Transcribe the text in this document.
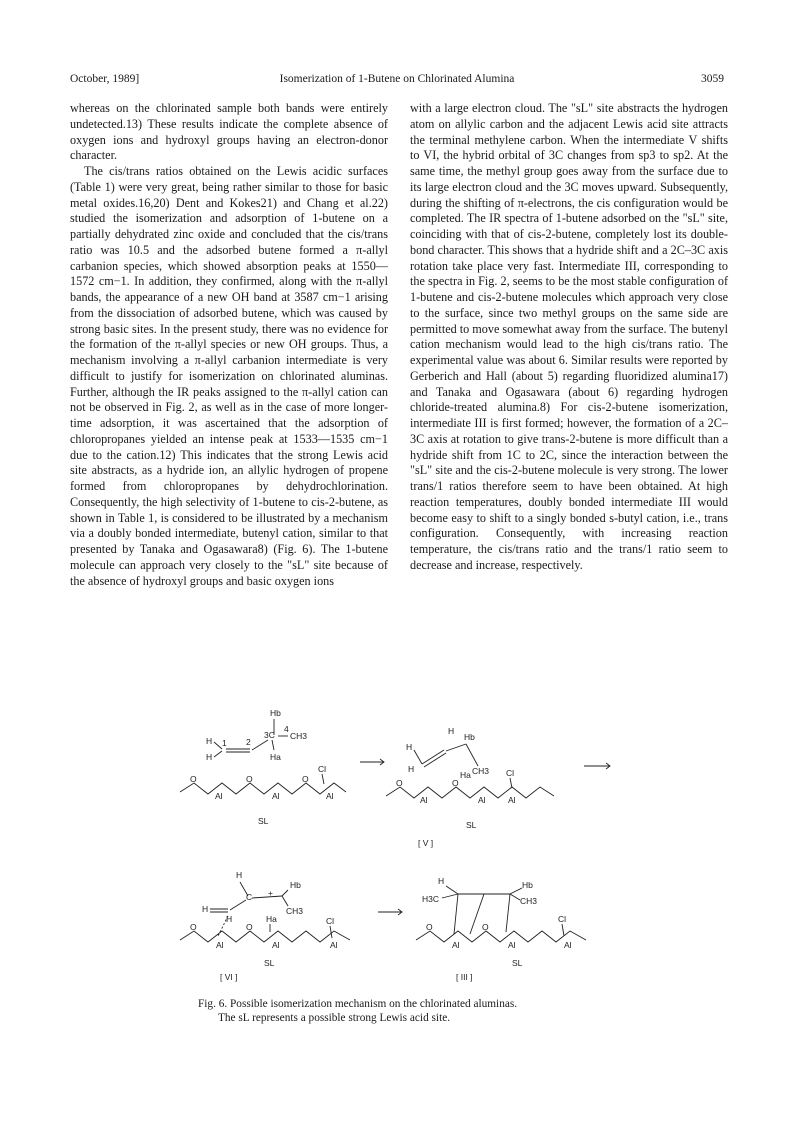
October, 1989]	Isomerization of 1-Butene on Chlorinated Alumina	3059

whereas on the chlorinated sample both bands were entirely undetected.13) These results indicate the complete absence of oxygen ions and hydroxyl groups having an electron-donor character.

The cis/trans ratios obtained on the Lewis acidic surfaces (Table 1) were very great, being rather similar to those for basic metal oxides.16,20) Dent and Kokes21) and Chang et al.22) studied the isomerization and adsorption of 1-butene on a partially dehydrated zinc oxide and concluded that the cis/trans ratio was 10.5 and the adsorbed butene formed a π-allyl carbanion species, which showed absorption peaks at 1550—1572 cm−1. In addition, they confirmed, along with the π-allyl bands, the appearance of a new OH band at 3587 cm−1 arising from the dissociation of adsorbed butene, which was caused by strong basic sites. In the present study, there was no evidence for the formation of the π-allyl species or new OH groups. Thus, a mechanism involving a π-allyl carbanion intermediate is very difficult to justify for isomerization on chlorinated aluminas. Further, although the IR peaks assigned to the π-allyl cation can not be observed in Fig. 2, as well as in the case of more longer-time adsorption, it was ascertained that the adsorption of chloropropanes yielded an intense peak at 1533—1535 cm−1 due to the cation.12) This indicates that the strong Lewis acid site abstracts, as a hydride ion, an allylic hydrogen of propene formed from chloropropanes by dehydrochlorination. Consequently, the high selectivity of 1-butene to cis-2-butene, as shown in Table 1, is considered to be illustrated by a mechanism via a doubly bonded intermediate, butenyl cation, similar to that presented by Tanaka and Ogasawara8) (Fig. 6). The 1-butene molecule can approach very closely to the "sL" site because of the absence of hydroxyl groups and basic oxygen ions

with a large electron cloud. The "sL" site abstracts the hydrogen atom on allylic carbon and the adjacent Lewis acid site attracts the terminal methylene carbon. When the intermediate V shifts to VI, the hybrid orbital of 3C changes from sp3 to sp2. At the same time, the methyl group goes away from the surface due to its large electron cloud and the 3C moves upward. Subsequently, during the shifting of π-electrons, the cis configuration would be completed. The IR spectra of 1-butene adsorbed on the "sL" site, coinciding with that of cis-2-butene, completely lost its double-bond character. This shows that a hydride shift and a 2C–3C axis rotation take place very fast. Intermediate III, corresponding to the spectra in Fig. 2, seems to be the most stable configuration of 1-butene and cis-2-butene molecules which approach very close to the surface, since two methyl groups on the same side are permitted to move somewhat away from the surface. The butenyl cation mechanism would lead to the high cis/trans ratio. The experimental value was about 6. Similar results were reported by Gerberich and Hall (about 5) regarding fluoridized alumina17) and Tanaka and Ogasawara (about 6) regarding hydrogen chloride-treated alumina.8) For cis-2-butene isomerization, intermediate III is first formed; however, the formation of a 2C–3C axis at rotation to give trans-2-butene is more difficult than a hydride shift from 1C to 2C, since the interaction between the "sL" site and the cis-2-butene molecule is very strong. The lower trans/1 ratios therefore seem to have been obtained. At high reaction temperatures, doubly bonded intermediate III would become easy to shift to a singly bonded s-butyl cation, i.e., trans configuration. Consequently, with increasing reaction temperature, the cis/trans ratio and the trans/1 ratio seem to decrease and increase, respectively.

Hb
H
H
1 2
3C
4
CH3
Ha
Cl
O
Al
O
Al
O
Al
SL
H
Hb
H
H
Ha CH3 Cl
O
Al
O
Al	Al
SL
[ V ]
H
Hb
C +
CH3
H
H	Ha	Cl
O
Al
O
Al	Al
SL
[ VI ]
H
H3C
Hb
CH3
Cl
O
Al
O
Al	Al
SL
[ III ]
Fig. 6. Possible isomerization mechanism on the chlorinated aluminas.
The sL represents a possible strong Lewis acid site.
